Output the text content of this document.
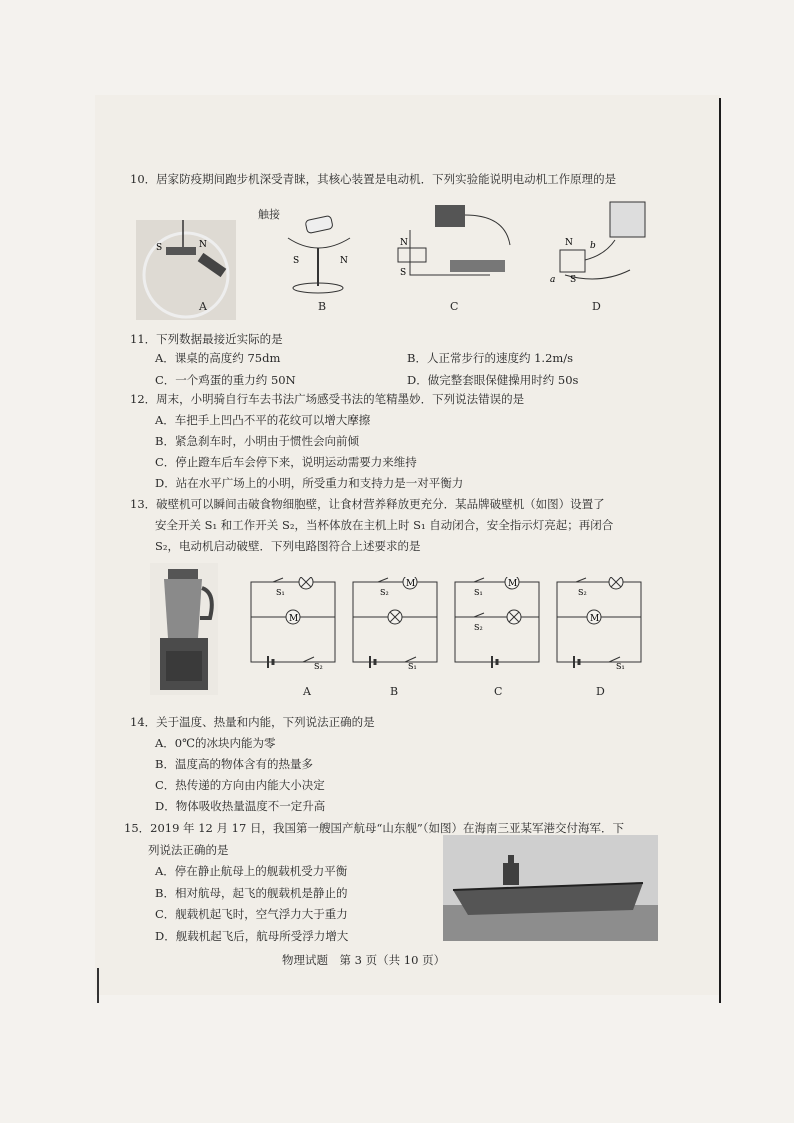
10．居家防疫期间跑步机深受青睐，其核心装置是电动机．下列实验能说明电动机工作原理的是
S	N
A
触接
S	N
B
N
S
C
N
S
a
b
D
11．下列数据最接近实际的是
A．课桌的高度约 75dm	B．人正常步行的速度约 1.2m/s
C．一个鸡蛋的重力约 50N	D．做完整套眼保健操用时约 50s
12．周末，小明骑自行车去书法广场感受书法的笔精墨妙．下列说法错误的是
A．车把手上凹凸不平的花纹可以增大摩擦
B．紧急刹车时，小明由于惯性会向前倾
C．停止蹬车后车会停下来，说明运动需要力来维持
D．站在水平广场上的小明，所受重力和支持力是一对平衡力
13．破壁机可以瞬间击破食物细胞壁，让食材营养释放更充分．某品牌破壁机（如图）设置了
安全开关 S₁ 和工作开关 S₂，当杯体放在主机上时 S₁ 自动闭合，安全指示灯亮起；再闭合
S₂，电动机启动破壁．下列电路图符合上述要求的是
M
S₁
S₂
A
M
S₂
S₁
B
M
S₁
S₂
C
M
S₂
S₁
D
14．关于温度、热量和内能，下列说法正确的是
A．0℃的冰块内能为零
B．温度高的物体含有的热量多
C．热传递的方向由内能大小决定
D．物体吸收热量温度不一定升高
15．2019 年 12 月 17 日，我国第一艘国产航母“山东舰”（如图）在海南三亚某军港交付海军．下
列说法正确的是
A．停在静止航母上的舰载机受力平衡
B．相对航母，起飞的舰载机是静止的
C．舰载机起飞时，空气浮力大于重力
D．舰载机起飞后，航母所受浮力增大
物理试题　第 3 页（共 10 页）
